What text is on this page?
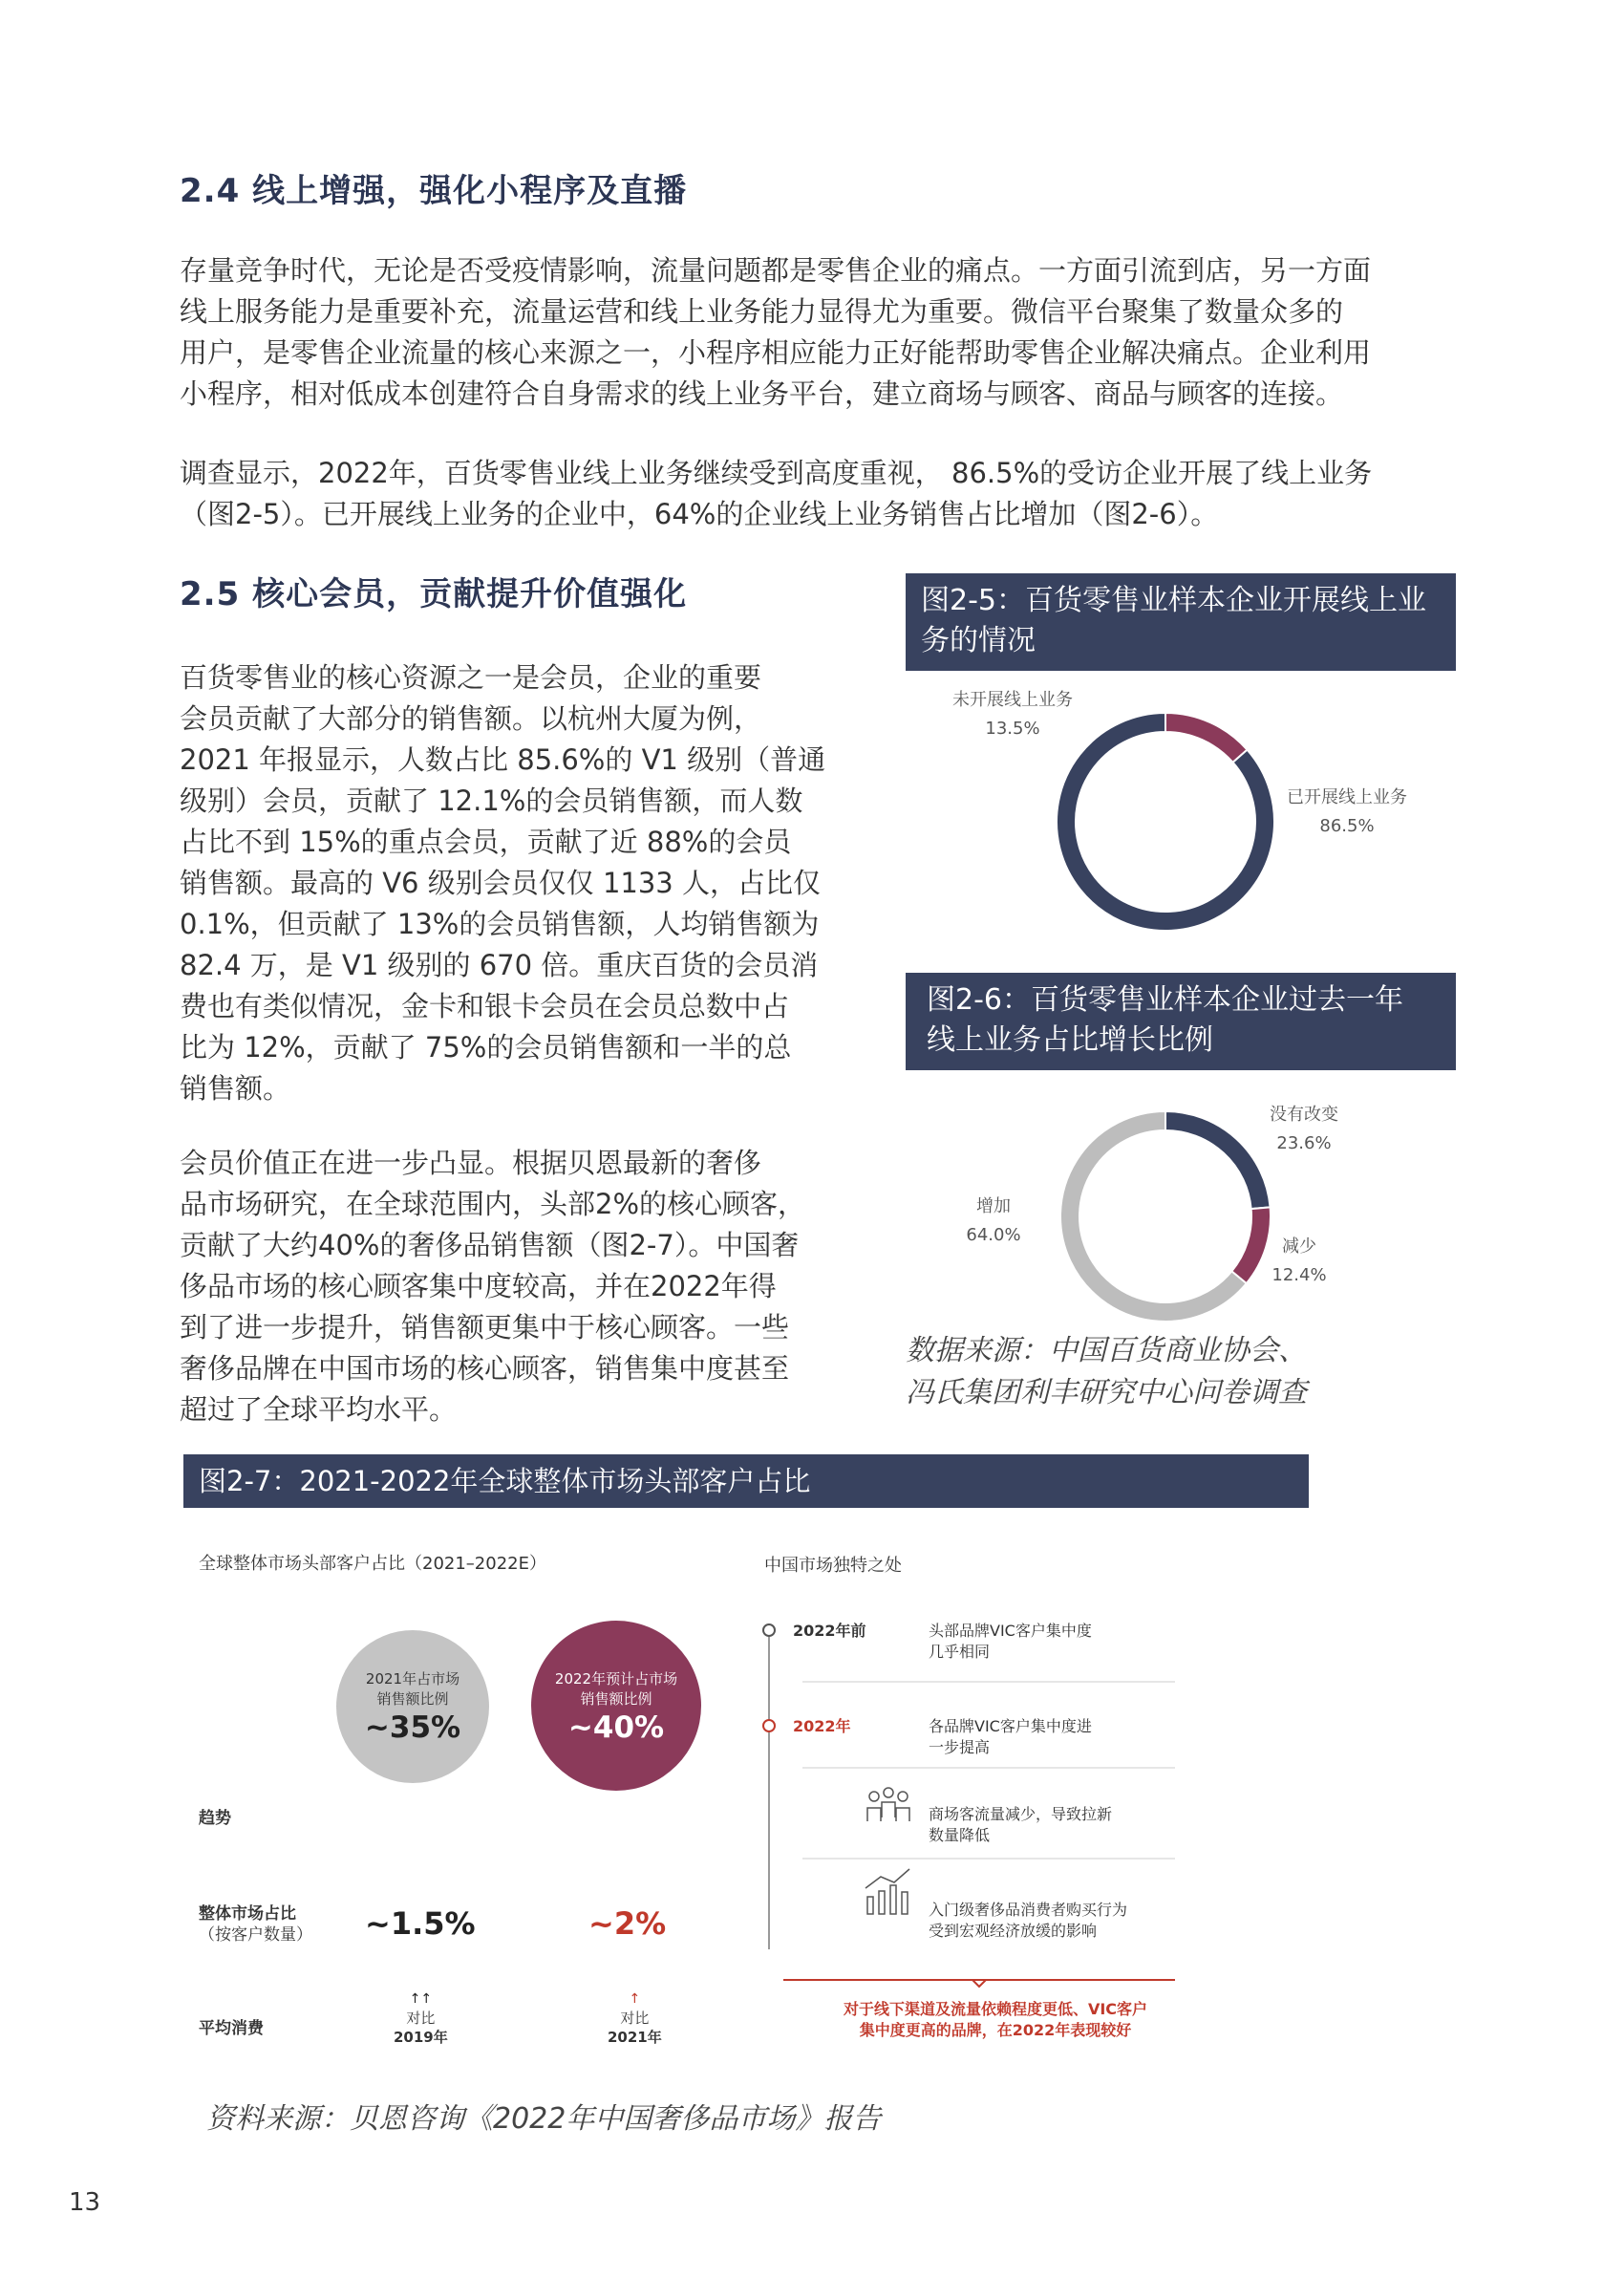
2.4 线上增强，强化小程序及直播
存量竞争时代，无论是否受疫情影响，流量问题都是零售企业的痛点。一方面引流到店，另一方面
线上服务能力是重要补充，流量运营和线上业务能力显得尤为重要。微信平台聚集了数量众多的
用户，是零售企业流量的核心来源之一，小程序相应能力正好能帮助零售企业解决痛点。企业利用
小程序，相对低成本创建符合自身需求的线上业务平台，建立商场与顾客、商品与顾客的连接。
调查显示，2022年，百货零售业线上业务继续受到高度重视， 86.5%的受访企业开展了线上业务
（图2-5）。已开展线上业务的企业中，64%的企业线上业务销售占比增加（图2-6）。
2.5 核心会员，贡献提升价值强化
百货零售业的核心资源之一是会员，企业的重要
会员贡献了大部分的销售额。以杭州大厦为例，
2021 年报显示，人数占比 85.6%的 V1 级别（普通
级别）会员，贡献了 12.1%的会员销售额，而人数
占比不到 15%的重点会员，贡献了近 88%的会员
销售额。最高的 V6 级别会员仅仅 1133 人，占比仅
0.1%，但贡献了 13%的会员销售额，人均销售额为
82.4 万，是 V1 级别的 670 倍。重庆百货的会员消
费也有类似情况，金卡和银卡会员在会员总数中占
比为 12%，贡献了 75%的会员销售额和一半的总
销售额。
会员价值正在进一步凸显。根据贝恩最新的奢侈
品市场研究，在全球范围内，头部2%的核心顾客，
贡献了大约40%的奢侈品销售额（图2-7）。中国奢
侈品市场的核心顾客集中度较高，并在2022年得
到了进一步提升，销售额更集中于核心顾客。一些
奢侈品牌在中国市场的核心顾客，销售集中度甚至
超过了全球平均水平。
图2-5：百货零售业样本企业开展线上业
务的情况
未开展线上业务
13.5%
已开展线上业务
86.5%
图2-6：百货零售业样本企业过去一年
线上业务占比增长比例
没有改变
23.6%
减少
12.4%
增加
64.0%
数据来源：中国百货商业协会、
冯氏集团利丰研究中心问卷调查
图2-7：2021-2022年全球整体市场头部客户占比
全球整体市场头部客户占比（2021–2022E）
2021年占市场
销售额比例
~35%
2022年预计占市场
销售额比例
~40%
趋势
整体市场占比
（按客户数量） ~1.5%	~2%
平均消费
↑↑
对比
2019年
↑
对比
2021年
中国市场独特之处
2022年前	头部品牌VIC客户集中度
几乎相同
2022年	各品牌VIC客户集中度进
一步提高
商场客流量减少，导致拉新
数量降低
入门级奢侈品消费者购买行为
受到宏观经济放缓的影响
对于线下渠道及流量依赖程度更低、VIC客户
集中度更高的品牌，在2022年表现较好
资料来源：贝恩咨询《2022年中国奢侈品市场》报告
13
